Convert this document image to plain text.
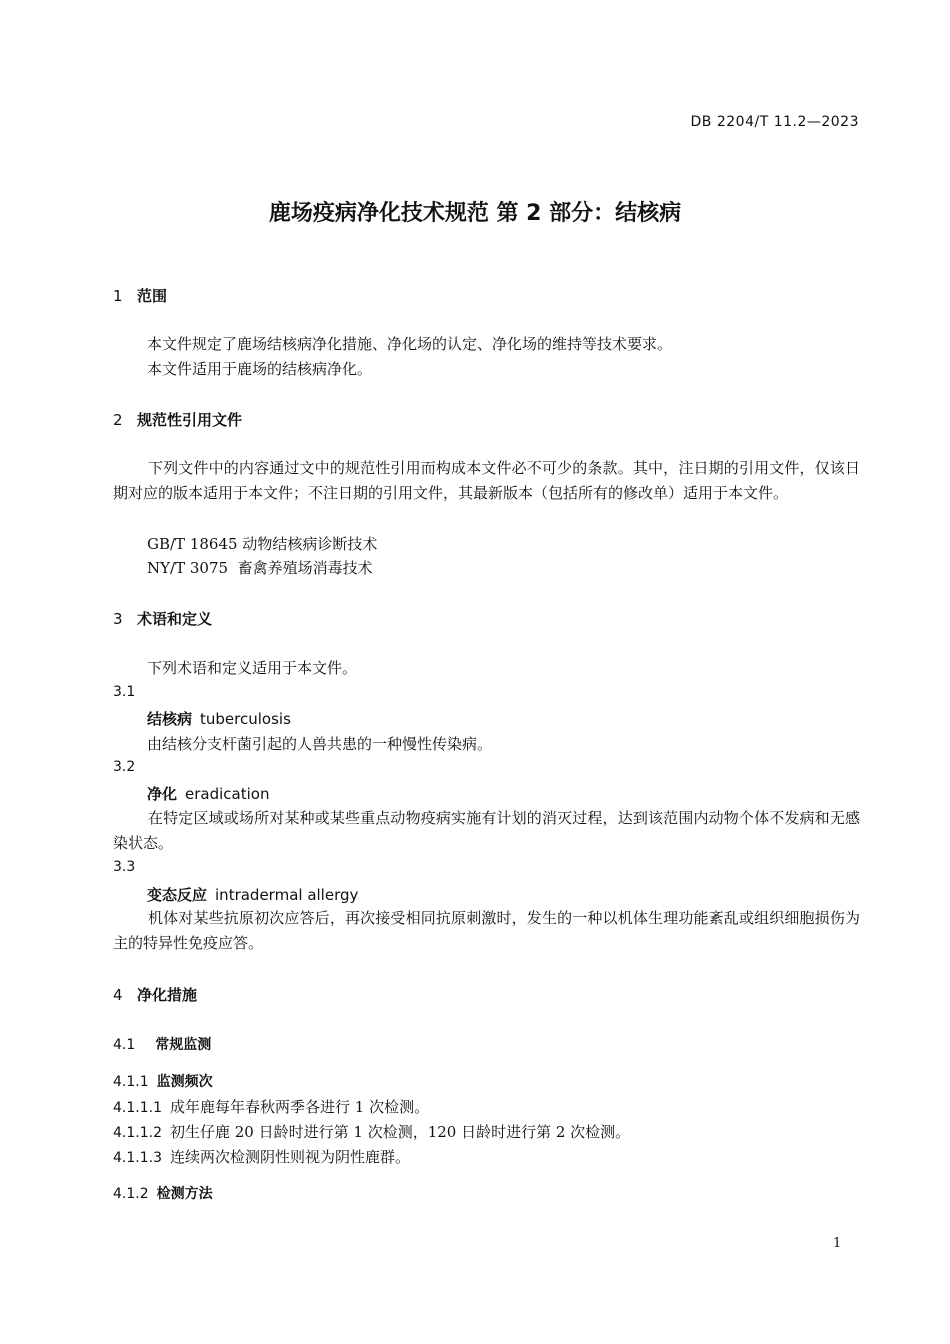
DB 2204/T 11.2—2023
鹿场疫病净化技术规范 第 2 部分：结核病
1 范围
本文件规定了鹿场结核病净化措施、净化场的认定、净化场的维持等技术要求。
本文件适用于鹿场的结核病净化。
2 规范性引用文件
下列文件中的内容通过文中的规范性引用而构成本文件必不可少的条款。其中，注日期的引用文件，仅该日期对应的版本适用于本文件；不注日期的引用文件，其最新版本（包括所有的修改单）适用于本文件。
GB/T 18645 动物结核病诊断技术
NY/T 3075  畜禽养殖场消毒技术
3 术语和定义
下列术语和定义适用于本文件。
3.1
结核病 tuberculosis
由结核分支杆菌引起的人兽共患的一种慢性传染病。
3.2
净化 eradication
在特定区域或场所对某种或某些重点动物疫病实施有计划的消灭过程，达到该范围内动物个体不发病和无感染状态。
3.3
变态反应 intradermal allergy
机体对某些抗原初次应答后，再次接受相同抗原刺激时，发生的一种以机体生理功能紊乱或组织细胞损伤为主的特异性免疫应答。
4 净化措施
4.1 常规监测
4.1.1 监测频次
4.1.1.1 成年鹿每年春秋两季各进行 1 次检测。
4.1.1.2 初生仔鹿 20 日龄时进行第 1 次检测，120 日龄时进行第 2 次检测。
4.1.1.3 连续两次检测阴性则视为阴性鹿群。
4.1.2 检测方法
1
